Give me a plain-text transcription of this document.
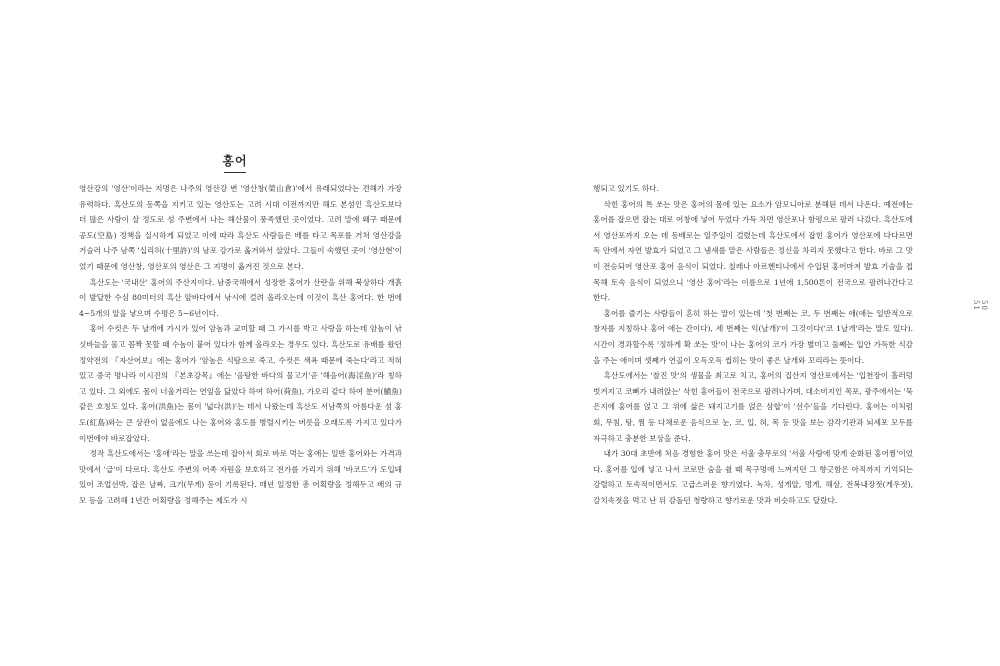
홍어

영산강의 '영산'이라는 지명은 나주의 영산강 변 '영산창(榮山倉)'에서 유래되었다는 견해가 가장 유력하다. 흑산도의 동쪽을 지키고 있는 영산도는 고려 시대 이전까지만 해도 본섬인 흑산도보다 더 많은 사람이 살 정도로 섬 주변에서 나는 해산물이 풍족했던 곳이었다. 고려 말에 왜구 때문에 공도(空島) 정책을 실시하게 되었고 이에 따라 흑산도 사람들은 배를 타고 목포를 거쳐 영산강을 거슬러 나주 남쪽 '십리허(十里許)'의 남포 강가로 옮겨와서 살았다. 그들이 속했던 곳이 '영산현'이었기 때문에 영산창, 영산포의 영산은 그 지명이 옮겨진 것으로 본다.

흑산도는 '국내산' 홍어의 주산지이다. 남중국해에서 성장한 홍어가 산란을 위해 북상하다 개흙이 발달한 수심 80미터의 흑산 앞바다에서 낚시에 걸려 올라오는데 이것이 흑산 홍어다. 한 번에 4~5개의 알을 낳으며 수명은 5~6년이다.

홍어 수컷은 두 날개에 가시가 있어 암놈과 교미할 때 그 가시를 박고 사랑을 하는데 암놈이 낚싯바늘을 물고 꼼짝 못할 때 수놈이 붙어 있다가 함께 올라오는 경우도 있다. 흑산도로 유배를 왔던 정약전의 『자산어보』에는 홍어가 '암놈은 식탐으로 죽고, 수컷은 색욕 때문에 죽는다'라고 적혀 있고 중국 명나라 이시진의 『본초강목』에는 '음탕한 바다의 물고기'곧 '해음어(海淫魚)'라 칭하고 있다. 그 외에도 몸이 너울거리는 연잎을 닮았다 하여 하어(荷魚), 가오리 같다 하여 분어(鱝魚) 같은 호칭도 있다. 홍어(洪魚)는 몸이 '넓다(洪)'는 데서 나왔는데 흑산도 서남쪽의 아름다운 섬 홍도(紅島)와는 큰 상관이 없음에도 나는 홍어와 홍도를 병렬시키는 버릇을 오래도록 가지고 있다가 이번에야 바로잡았다.

정작 흑산도에서는 '홍애'라는 말을 쓰는데 잡아서 회로 바로 먹는 홍애는 일반 홍어와는 가격과 맛에서 '급'이 다르다. 흑산도 주변의 어족 자원을 보호하고 전가를 가리기 위해 '바코드'가 도입돼 있어 조업선박, 잡은 날짜, 크기(무게) 등이 기록된다. 매년 일정한 총 어획량을 정해두고 배의 규모 등을 고려해 1년간 어획량을 정해주는 제도가 시

행되고 있기도 하다.

삭힌 홍어의 톡 쏘는 맛은 홍어의 몸에 있는 요소가 암모니아로 분해된 데서 나온다. 예전에는 홍어를 잡으면 잡는 대로 어창에 넣어 두었다 가득 차면 영산포나 함평으로 팔러 나갔다. 흑산도에서 영산포까지 오는 데 동배로는 일주일이 걸렸는데 흑산도에서 잡힌 홍어가 영산포에 다다르면 독 안에서 자연 발효가 되었고 그 냄새를 맡은 사람들은 정신을 차리지 못했다고 한다. 바로 그 맛이 전승되어 영산포 홍어 음식이 되었다. 칠레나 아르헨티나에서 수입된 홍어마저 발효 기술을 접목해 토속 음식이 되었으니 '영산 홍어'라는 이름으로 1년에 1,500톤이 전국으로 팔려나간다고 한다.

홍어를 즐기는 사람들이 흔히 하는 말이 있는데 '첫 번째는 코, 두 번째는 애(애는 일반적으로 창자를 지칭하나 홍어 애는 간이다), 세 번째는 익(날개)'이 그것이다('코 1날개'라는 말도 있다). 시간이 경과할수록 '징하게 확 쏘는 맛'이 나는 홍어의 코가 가장 별미고 둘째는 입안 가득한 식감을 주는 애이며 셋째가 연골이 오독오독 씹히는 맛이 좋은 날개와 꼬리라는 뜻이다.

흑산도에서는 '찰진 맛'의 생물을 최고로 치고, 홍어의 집산지 영산포에서는 '입천장이 홀러덩 벗겨지고 코뼈가 내려앉는' 삭힌 홍어들이 전국으로 팔려나가며, 대소비지인 목포, 광주에서는 '묵은지에 홍어를 얹고 그 위에 삶은 돼지고기를 얹은 삼합'이 '선수'들을 기다린다. 홍어는 이처럼 회, 무침, 탕, 찜 등 다채로운 음식으로 눈, 코, 입, 혀, 목 등 맛을 보는 감각기관과 뇌세포 모두를 자극하고 충분한 보상을 준다.

내가 30대 초반에 처음 경험한 홍어 맛은 서울 충무로의 '서울 사람에 맞게 순화된 홍어찜'이었다. 홍어를 입에 넣고 나서 코로만 숨을 쉴 때 목구멍에 느껴지던 그 향긋함은 아직까지 기억되는 강렬하고 토속적이면서도 고급스러운 향기였다. 녹차, 성게알, 멍게, 해삼, 전복내장젓(게우젓), 갈치속젓을 먹고 난 뒤 감돌던 청량하고 향기로운 맛과 비슷하고도 달랐다.

50
51
